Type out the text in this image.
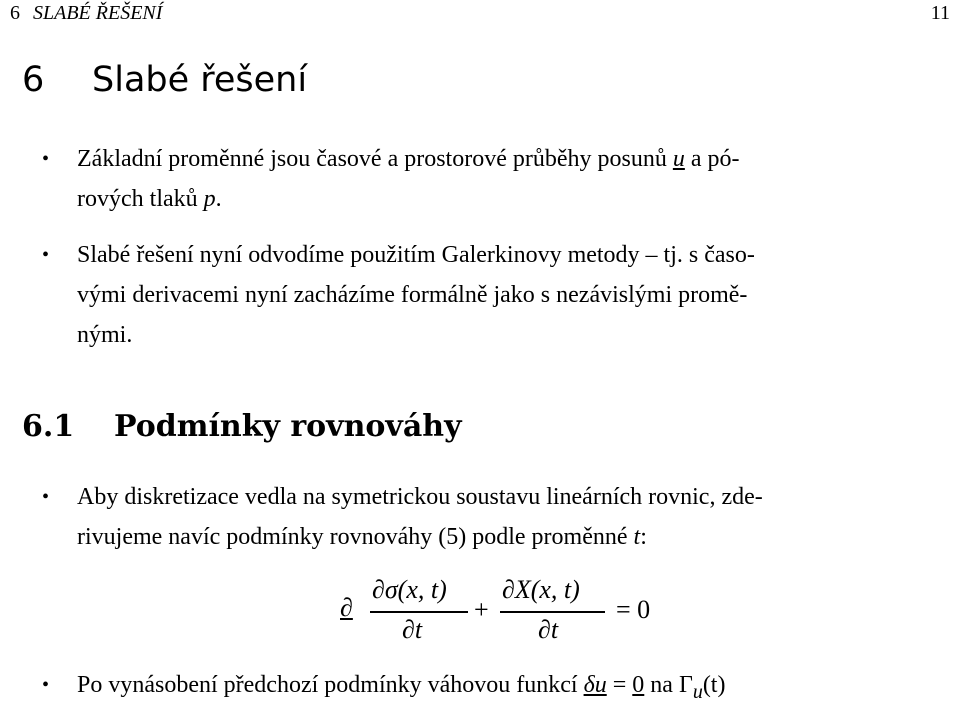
6 SLABÉ ŘEŠENÍ	11
6 Slabé řešení
• Základní proměnné jsou časové a prostorové průběhy posunů u a pó-
rových tlaků p.
• Slabé řešení nyní odvodíme použitím Galerkinovy metody – tj. s časo-
vými derivacemi nyní zacházíme formálně jako s nezávislými promě-
nými.
6.1 Podmínky rovnováhy
• Aby diskretizace vedla na symetrickou soustavu lineárních rovnic, zde-
rivujeme navíc podmínky rovnováhy (5) podle proměnné t:
∂
∂σ(x, t)
∂t
+
∂X(x, t)
∂t
= 0
• Po vynásobení předchozí podmínky váhovou funkcí δu = 0 na $\Gamma_u(t)$
